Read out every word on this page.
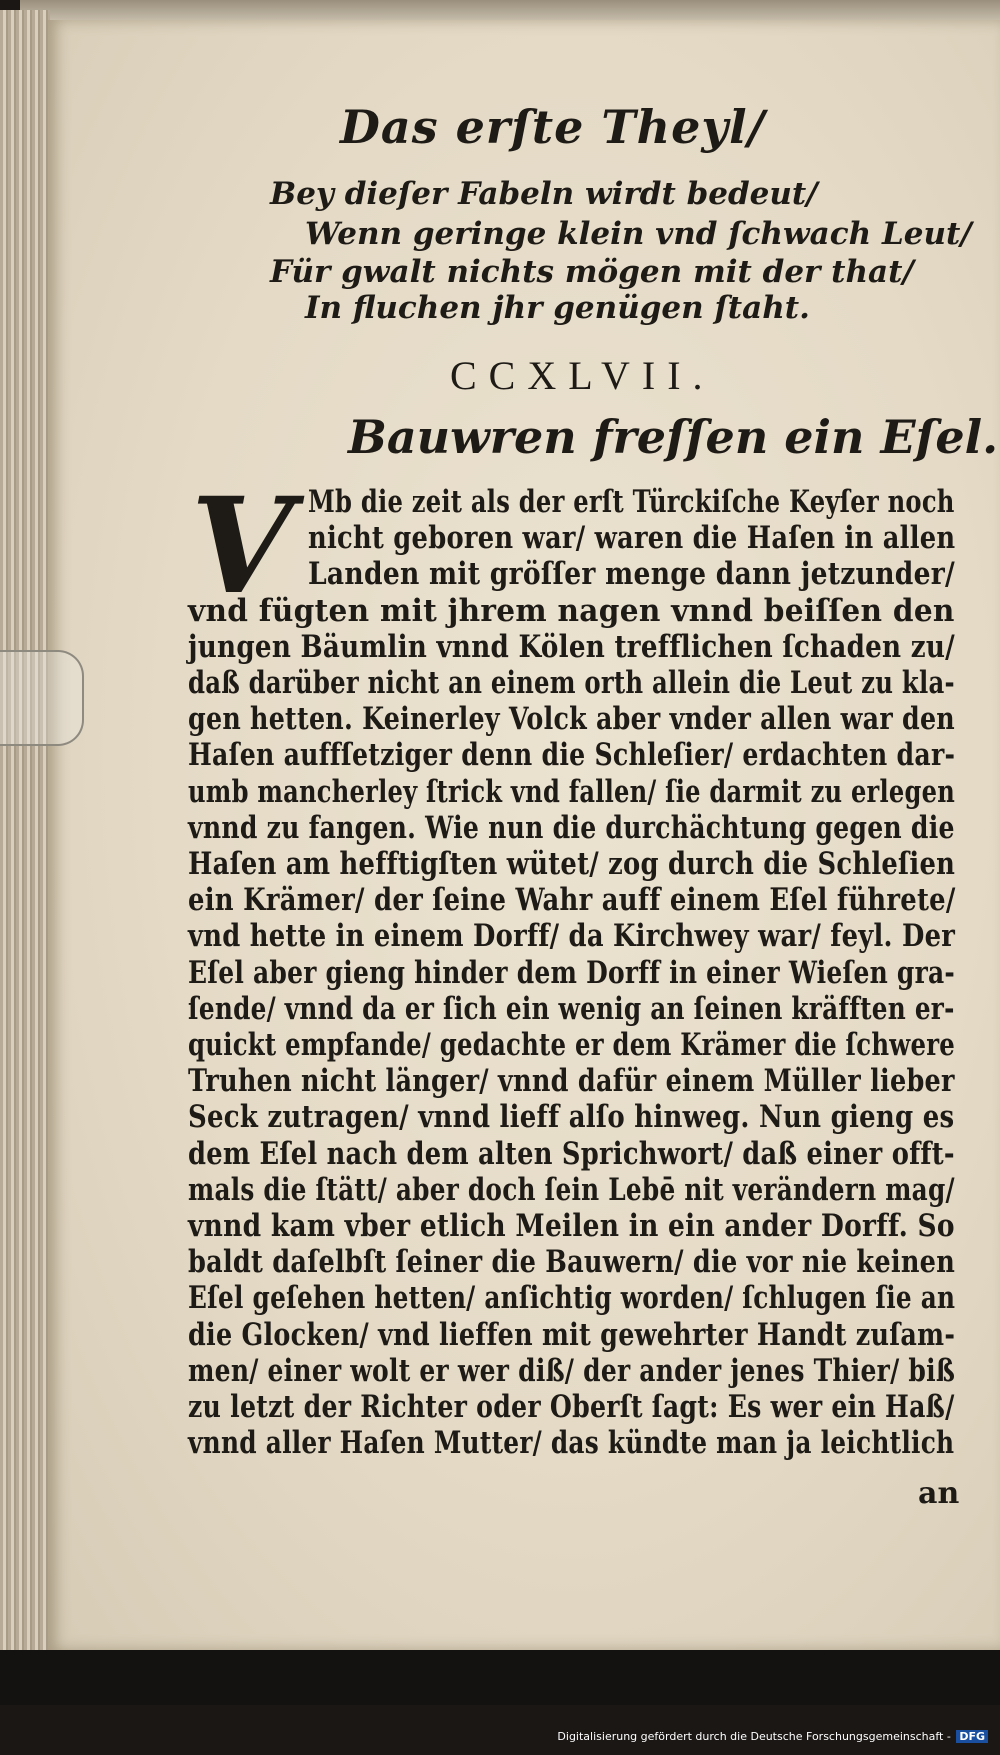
Das erſte Theyl/
Bey dieſer Fabeln wirdt bedeut/
Wenn geringe klein vnd ſchwach Leut/
Für gwalt nichts mögen mit der that/
In fluchen jhr genügen ſtaht.
CCXLVII.
Bauwren freſſen ein Eſel.
V Mb die zeit als der erſt Türckiſche Keyſer noch
nicht geboren war/ waren die Haſen in allen
Landen mit gröſſer menge dann jetzunder/
vnd fügten mit jhrem nagen vnnd beiſſen den
jungen Bäumlin vnnd Kölen trefflichen ſchaden zu/
daß darüber nicht an einem orth allein die Leut zu kla-
gen hetten. Keinerley Volck aber vnder allen war den
Haſen auffſetziger denn die Schleſier/ erdachten dar-
umb mancherley ſtrick vnd fallen/ ſie darmit zu erlegen
vnnd zu fangen. Wie nun die durchächtung gegen die
Haſen am hefftigſten wütet/ zog durch die Schleſien
ein Krämer/ der ſeine Wahr auff einem Eſel führete/
vnd hette in einem Dorff/ da Kirchwey war/ feyl. Der
Eſel aber gieng hinder dem Dorff in einer Wieſen gra-
ſende/ vnnd da er ſich ein wenig an ſeinen kräfften er-
quickt empfande/ gedachte er dem Krämer die ſchwere
Truhen nicht länger/ vnnd dafür einem Müller lieber
Seck zutragen/ vnnd lieff alſo hinweg. Nun gieng es
dem Eſel nach dem alten Sprichwort/ daß einer offt-
mals die ſtätt/ aber doch ſein Lebē nit verändern mag/
vnnd kam vber etlich Meilen in ein ander Dorff. So
baldt daſelbſt ſeiner die Bauwern/ die vor nie keinen
Eſel geſehen hetten/ anſichtig worden/ ſchlugen ſie an
die Glocken/ vnd lieffen mit gewehrter Handt zuſam-
men/ einer wolt er wer diß/ der ander jenes Thier/ biß
zu letzt der Richter oder Oberſt ſagt: Es wer ein Haß/
vnnd aller Haſen Mutter/ das kündte man ja leichtlich
an
Digitalisierung gefördert durch die Deutsche Forschungsgemeinschaft - DFG
